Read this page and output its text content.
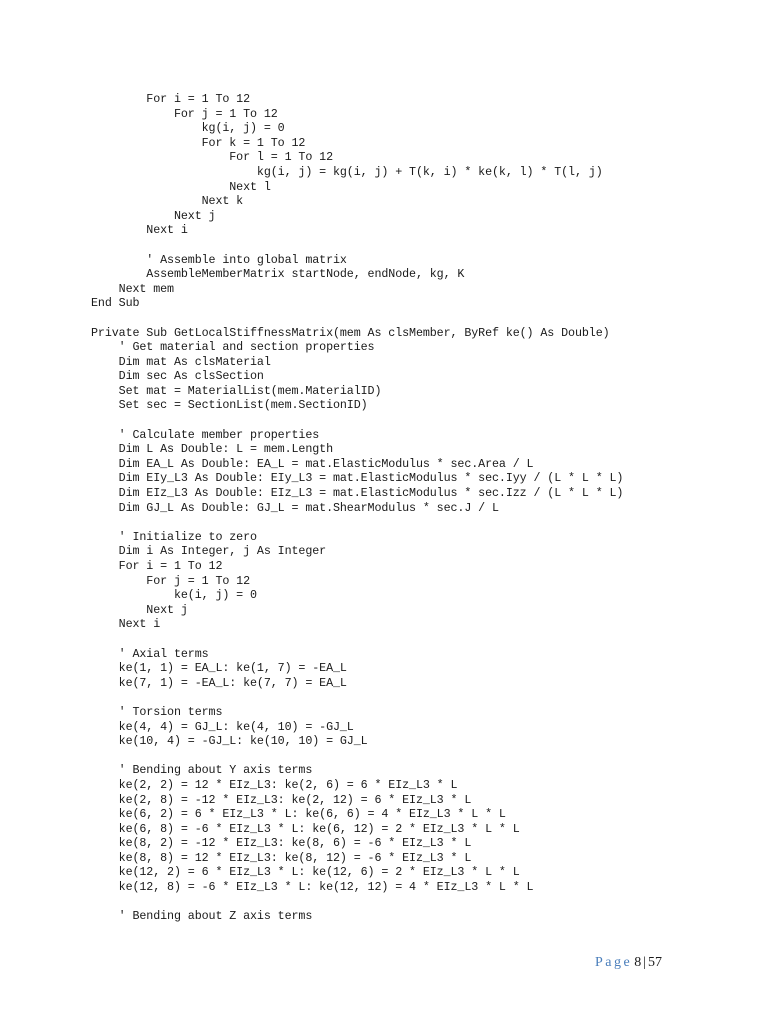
For i = 1 To 12
For j = 1 To 12
kg(i, j) = 0
For k = 1 To 12
For l = 1 To 12
kg(i, j) = kg(i, j) + T(k, i) * ke(k, l) * T(l, j)
Next l
Next k
Next j
Next i
' Assemble into global matrix
AssembleMemberMatrix startNode, endNode, kg, K
Next mem
End Sub
Private Sub GetLocalStiffnessMatrix(mem As clsMember, ByRef ke() As Double)
' Get material and section properties
Dim mat As clsMaterial
Dim sec As clsSection
Set mat = MaterialList(mem.MaterialID)
Set sec = SectionList(mem.SectionID)
' Calculate member properties
Dim L As Double: L = mem.Length
Dim EA_L As Double: EA_L = mat.ElasticModulus * sec.Area / L
Dim EIy_L3 As Double: EIy_L3 = mat.ElasticModulus * sec.Iyy / (L * L * L)
Dim EIz_L3 As Double: EIz_L3 = mat.ElasticModulus * sec.Izz / (L * L * L)
Dim GJ_L As Double: GJ_L = mat.ShearModulus * sec.J / L
' Initialize to zero
Dim i As Integer, j As Integer
For i = 1 To 12
For j = 1 To 12
ke(i, j) = 0
Next j
Next i
' Axial terms
ke(1, 1) = EA_L: ke(1, 7) = -EA_L
ke(7, 1) = -EA_L: ke(7, 7) = EA_L
' Torsion terms
ke(4, 4) = GJ_L: ke(4, 10) = -GJ_L
ke(10, 4) = -GJ_L: ke(10, 10) = GJ_L
' Bending about Y axis terms
ke(2, 2) = 12 * EIz_L3: ke(2, 6) = 6 * EIz_L3 * L
ke(2, 8) = -12 * EIz_L3: ke(2, 12) = 6 * EIz_L3 * L
ke(6, 2) = 6 * EIz_L3 * L: ke(6, 6) = 4 * EIz_L3 * L * L
ke(6, 8) = -6 * EIz_L3 * L: ke(6, 12) = 2 * EIz_L3 * L * L
ke(8, 2) = -12 * EIz_L3: ke(8, 6) = -6 * EIz_L3 * L
ke(8, 8) = 12 * EIz_L3: ke(8, 12) = -6 * EIz_L3 * L
ke(12, 2) = 6 * EIz_L3 * L: ke(12, 6) = 2 * EIz_L3 * L * L
ke(12, 8) = -6 * EIz_L3 * L: ke(12, 12) = 4 * EIz_L3 * L * L
' Bending about Z axis terms
Page 8 | 57
